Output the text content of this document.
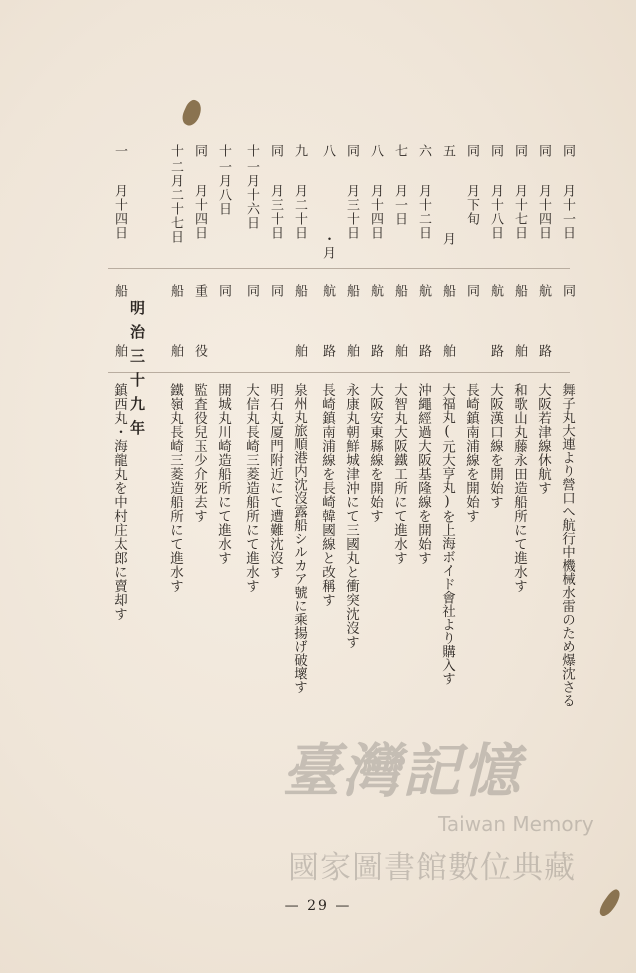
同
月十一日
同
舞子丸大連より營口へ航行中機械水雷のため爆沈さる
同
月十四日
航
路
大阪若津線休航す
同
月十七日
船
舶
和歌山丸藤永田造船所にて進水す
同
月十八日
航
路
大阪漢口線を開始す
同
月下旬
同
長崎鎮南浦線を開始す
五
月
船
舶
大福丸(元大亨丸)を上海ボイド會社より購入す
六
月十二日
航
路
沖繩經過大阪基隆線を開始す
七
月一日
船
舶
大智丸大阪鐵工所にて進水す
八
月十四日
航
路
大阪安東縣線を開始す
同
月三十日
船
舶
永康丸朝鮮城津沖にて三國丸と衝突沈沒す
八
・月
航
路
長崎鎮南浦線を長崎韓國線と改稱す
九
月二十日
船
舶
泉州丸旅順港内沈沒露船シルカア號に乘揚げ破壞す
同
月三十日
同
明石丸厦門附近にて遭難沈沒す
十
一月十六日
同
大信丸長崎三菱造船所にて進水す
十
一月八日
同
開城丸川崎造船所にて進水す
同
月十四日
重
役
監査役兒玉少介死去す
十
二月二十七日
船
舶
鐵嶺丸長崎三菱造船所にて進水す
明治三十九年
一
月十四日
船
舶
鎮西丸・海龍丸を中村庄太郎に賣却す
臺灣記憶
Taiwan Memory
國家圖書館數位典藏
— 29 —
